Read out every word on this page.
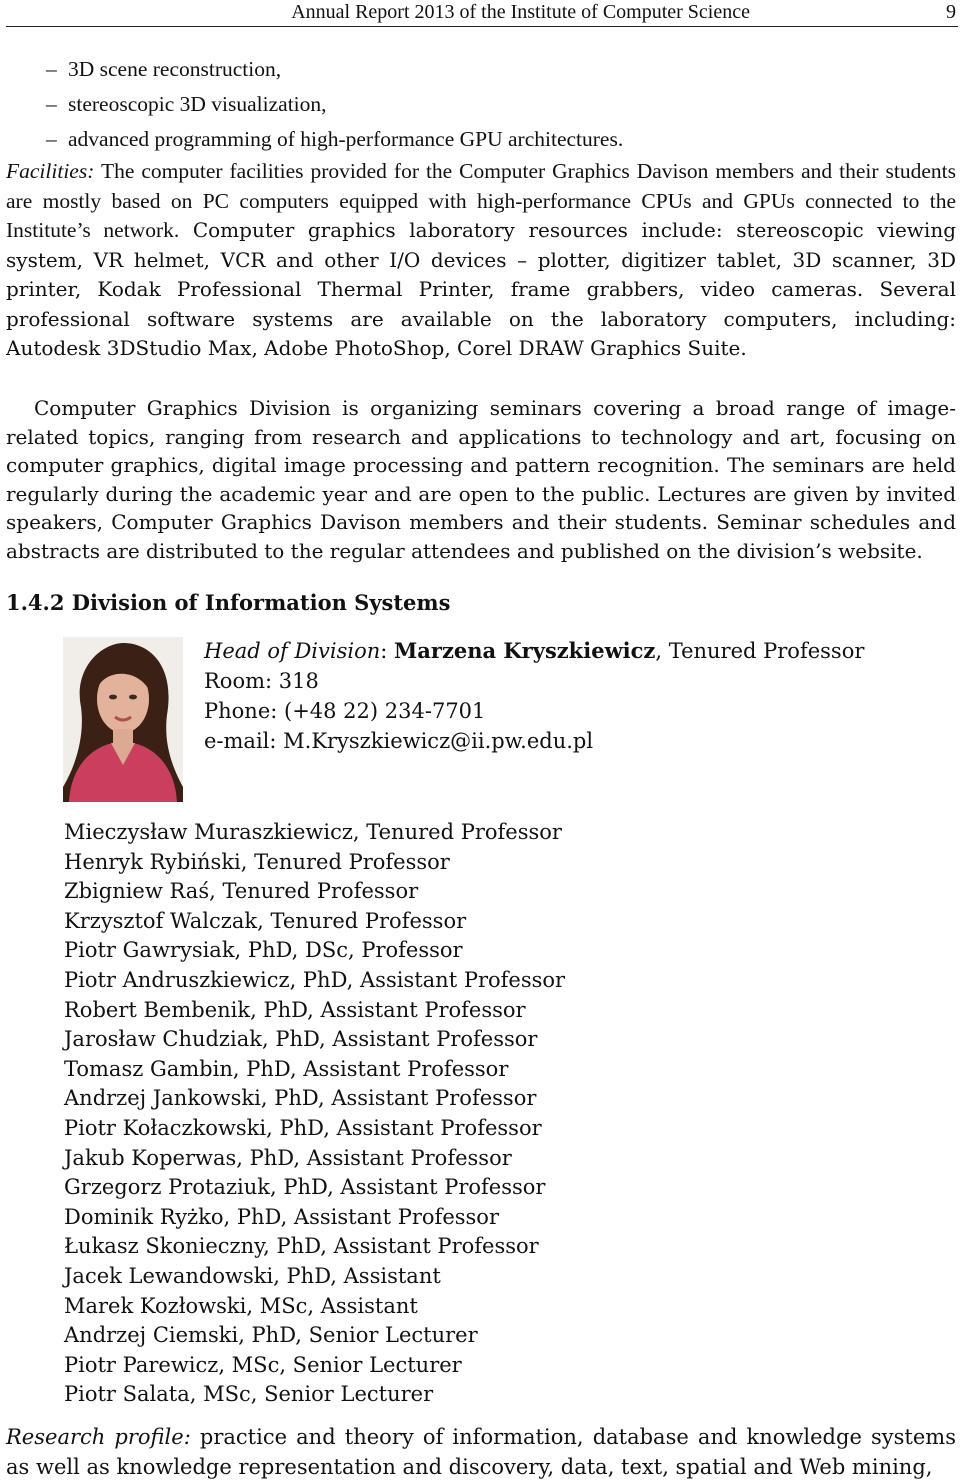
Annual Report 2013 of the Institute of Computer Science	9
– 3D scene reconstruction,
– stereoscopic 3D visualization,
– advanced programming of high-performance GPU architectures.

Facilities: The computer facilities provided for the Computer Graphics Davison members and their students are mostly based on PC computers equipped with high-performance CPUs and GPUs connected to the Institute’s network. Computer graphics laboratory resources include: stereoscopic viewing system, VR helmet, VCR and other I/O devices – plotter, digitizer tablet, 3D scanner, 3D printer, Kodak Professional Thermal Printer, frame grabbers, video cameras. Several professional software systems are available on the laboratory computers, including: Autodesk 3DStudio Max, Adobe PhotoShop, Corel DRAW Graphics Suite.

Computer Graphics Division is organizing seminars covering a broad range of image-related topics, ranging from research and applications to technology and art, focusing on computer graphics, digital image processing and pattern recognition. The seminars are held regularly during the academic year and are open to the public. Lectures are given by invited speakers, Computer Graphics Davison members and their students. Seminar schedules and abstracts are distributed to the regular attendees and published on the division’s website.

1.4.2 Division of Information Systems
Head of Division: Marzena Kryszkiewicz, Tenured Professor
Room: 318
Phone: (+48 22) 234-7701
e-mail: M.Kryszkiewicz@ii.pw.edu.pl
Mieczysław Muraszkiewicz, Tenured Professor
Henryk Rybiński, Tenured Professor
Zbigniew Raś, Tenured Professor
Krzysztof Walczak, Tenured Professor
Piotr Gawrysiak, PhD, DSc, Professor
Piotr Andruszkiewicz, PhD, Assistant Professor
Robert Bembenik, PhD, Assistant Professor
Jarosław Chudziak, PhD, Assistant Professor
Tomasz Gambin, PhD, Assistant Professor
Andrzej Jankowski, PhD, Assistant Professor
Piotr Kołaczkowski, PhD, Assistant Professor
Jakub Koperwas, PhD, Assistant Professor
Grzegorz Protaziuk, PhD, Assistant Professor
Dominik Ryżko, PhD, Assistant Professor
Łukasz Skonieczny, PhD, Assistant Professor
Jacek Lewandowski, PhD, Assistant
Marek Kozłowski, MSc, Assistant
Andrzej Ciemski, PhD, Senior Lecturer
Piotr Parewicz, MSc, Senior Lecturer
Piotr Salata, MSc, Senior Lecturer

Research profile: practice and theory of information, database and knowledge systems as well as knowledge representation and discovery, data, text, spatial and Web mining,
